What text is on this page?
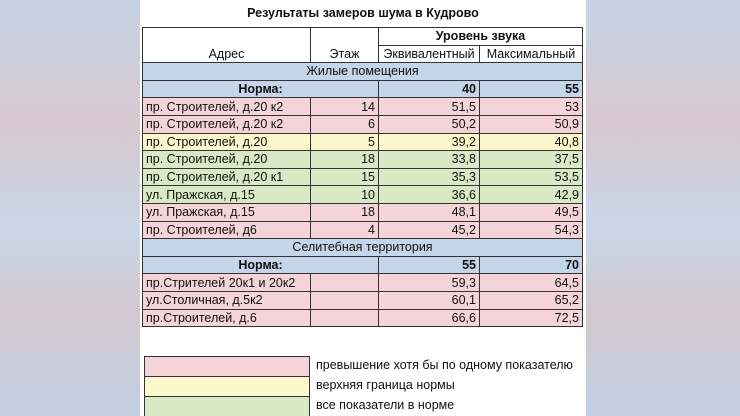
Результаты замеров шума в Кудрово
Адрес	Этаж	Уровень звука	
		Эквивалентный	Максимальный
Жилые помещения			
Норма:		40	55
пр. Строителей, д.20 к2	14	51,5	53
пр. Строителей, д.20 к2	6	50,2	50,9
пр. Строителей, д.20	5	39,2	40,8
пр. Строителей, д.20	18	33,8	37,5
пр. Строителей, д.20 к1	15	35,3	53,5
ул. Пражская, д.15	10	36,6	42,9
ул. Пражская, д.15	18	48,1	49,5
пр. Строителей, д6	4	45,2	54,3
Селитебная территория			
Норма:		55	70
пр.Стрителей 20к1 и 20к2		59,3	64,5
ул.Столичная, д.5к2		60,1	65,2
пр.Строителей, д.6		66,6	72,5
превышение хотя бы по одному показателю
верхняя граница нормы
все показатели в норме
